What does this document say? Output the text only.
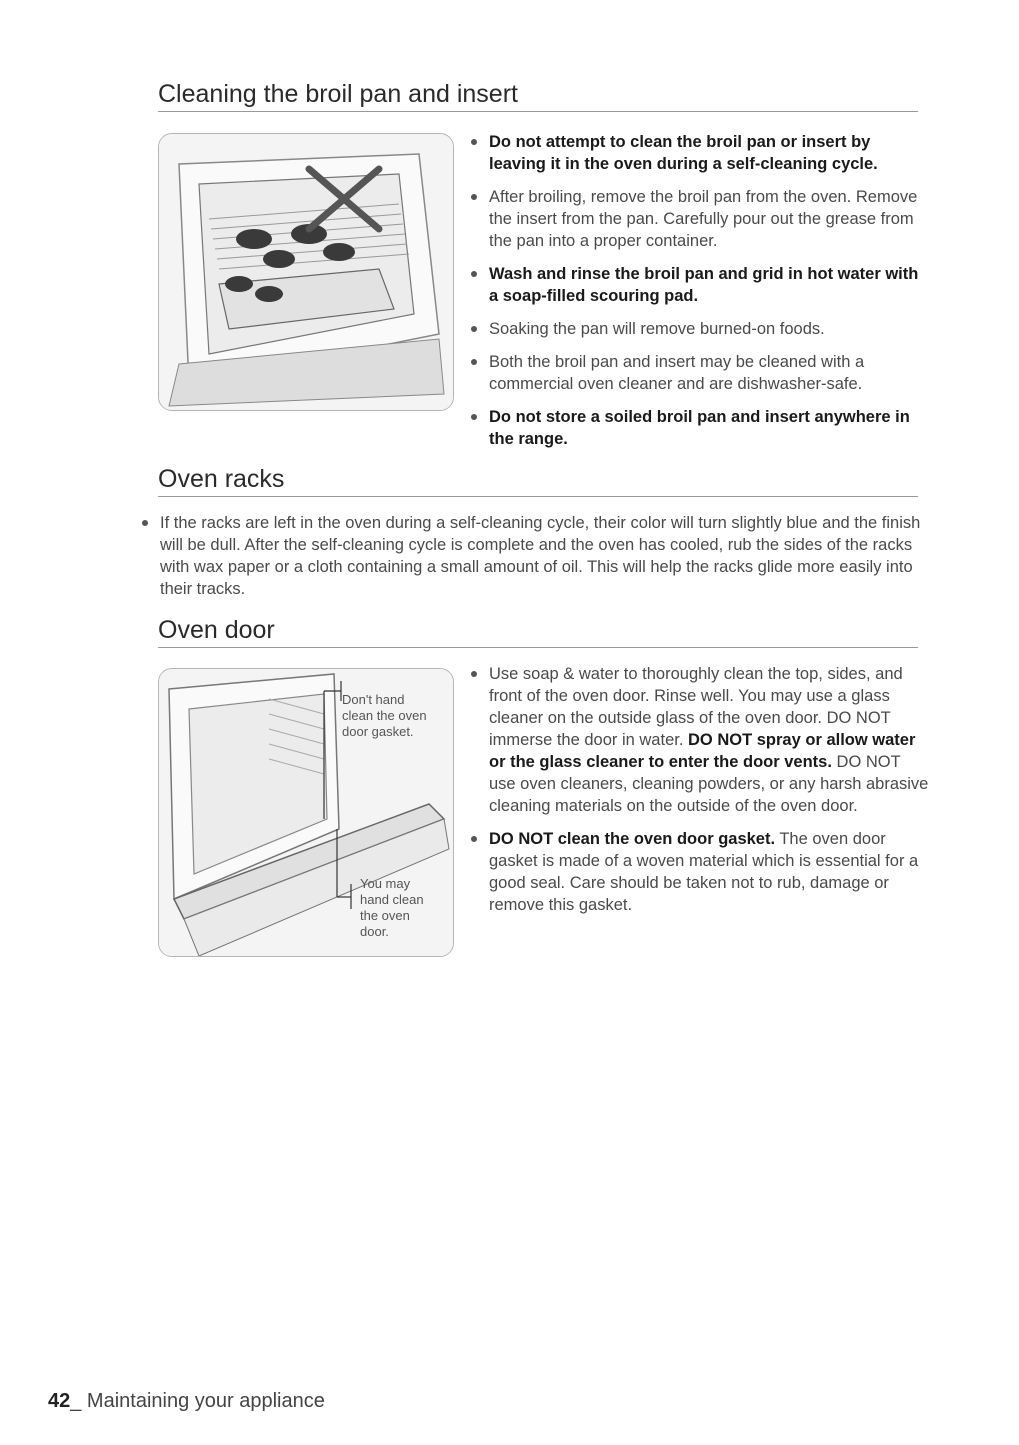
Cleaning the broil pan and insert
Do not attempt to clean the broil pan or insert by leaving it in the oven during a self-cleaning cycle.
After broiling, remove the broil pan from the oven. Remove the insert from the pan. Carefully pour out the grease from the pan into a proper container.
Wash and rinse the broil pan and grid in hot water with a soap-filled scouring pad.
Soaking the pan will remove burned-on foods.
Both the broil pan and insert may be cleaned with a commercial oven cleaner and are dishwasher-safe.
Do not store a soiled broil pan and insert anywhere in the range.
Oven racks
If the racks are left in the oven during a self-cleaning cycle, their color will turn slightly blue and the finish will be dull. After the self-cleaning cycle is complete and the oven has cooled, rub the sides of the racks with wax paper or a cloth containing a small amount of oil. This will help the racks glide more easily into their tracks.
Oven door
Don't hand clean the oven door gasket.
You may hand clean the oven door.
Use soap & water to thoroughly clean the top, sides, and front of the oven door. Rinse well. You may use a glass cleaner on the outside glass of the oven door. DO NOT immerse the door in water. DO NOT spray or allow water or the glass cleaner to enter the door vents. DO NOT use oven cleaners, cleaning powders, or any harsh abrasive cleaning materials on the outside of the oven door.
DO NOT clean the oven door gasket. The oven door gasket is made of a woven material which is essential for a good seal. Care should be taken not to rub, damage or remove this gasket.
42_ Maintaining your appliance
